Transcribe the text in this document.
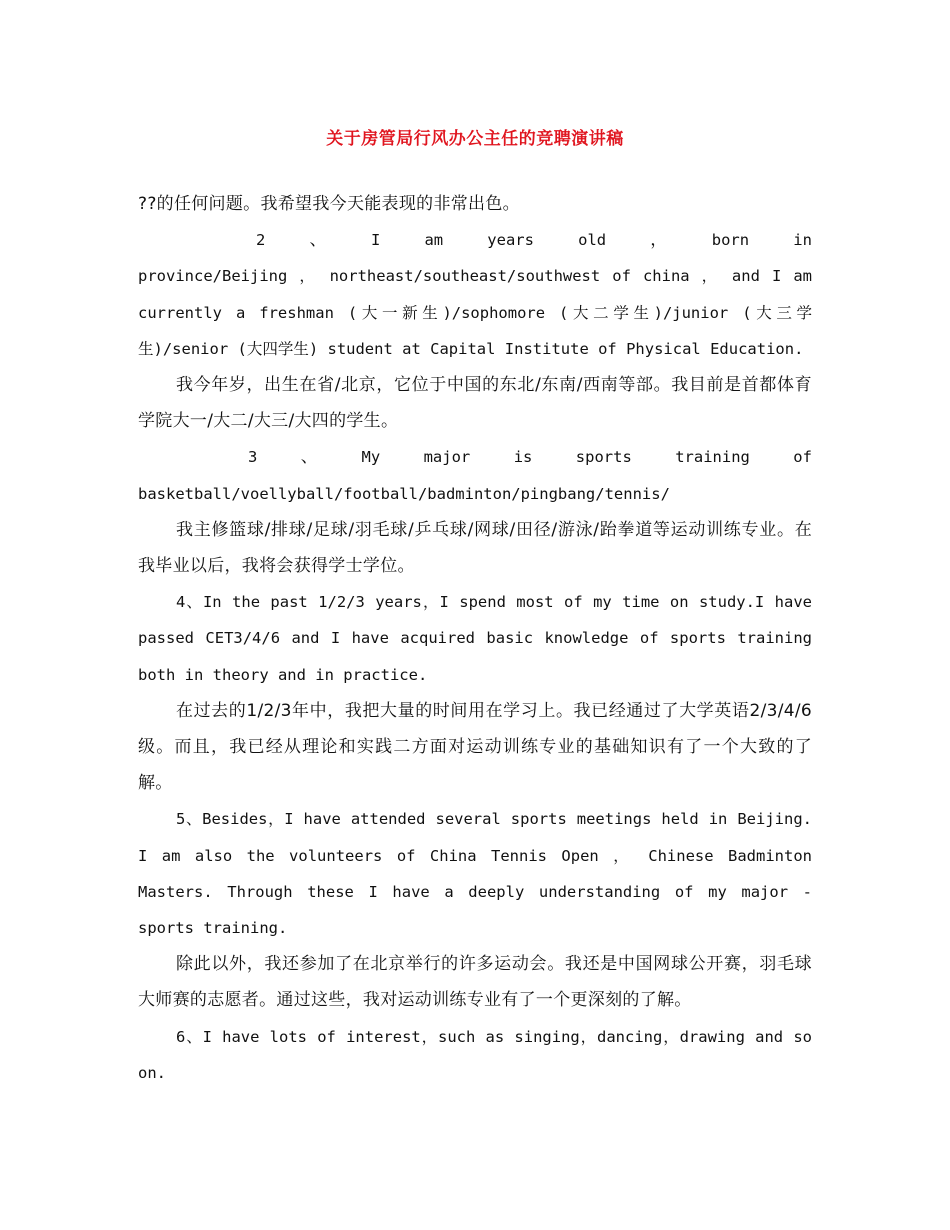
关于房管局行风办公主任的竞聘演讲稿

??的任何问题。我希望我今天能表现的非常出色。

2	、	I	am	years	old	，	born	in

province/Beijing ， northeast/southeast/southwest of china ， and I am currently a freshman (大一新生)/sophomore (大二学生)/junior (大三学生)/senior (大四学生) student at Capital Institute of Physical Education.

我今年岁，出生在省/北京，它位于中国的东北/东南/西南等部。我目前是首都体育学院大一/大二/大三/大四的学生。

3	、	My	major	is	sports	training	of

basketball/voellyball/football/badminton/pingbang/tennis/

我主修篮球/排球/足球/羽毛球/乒乓球/网球/田径/游泳/跆拳道等运动训练专业。在我毕业以后，我将会获得学士学位。

4、In the past 1/2/3 years，I spend most of my time on study.I have passed CET3/4/6 and I have acquired basic knowledge of sports training both in theory and in practice.

在过去的1/2/3年中，我把大量的时间用在学习上。我已经通过了大学英语2/3/4/6级。而且，我已经从理论和实践二方面对运动训练专业的基础知识有了一个大致的了解。

5、Besides，I have attended several sports meetings held in Beijing. I am also the volunteers of China Tennis Open ， Chinese Badminton Masters. Through these I have a deeply understanding of my major - sports training.

除此以外，我还参加了在北京举行的许多运动会。我还是中国网球公开赛，羽毛球大师赛的志愿者。通过这些，我对运动训练专业有了一个更深刻的了解。

6、I have lots of interest，such as singing，dancing，drawing and so on.
